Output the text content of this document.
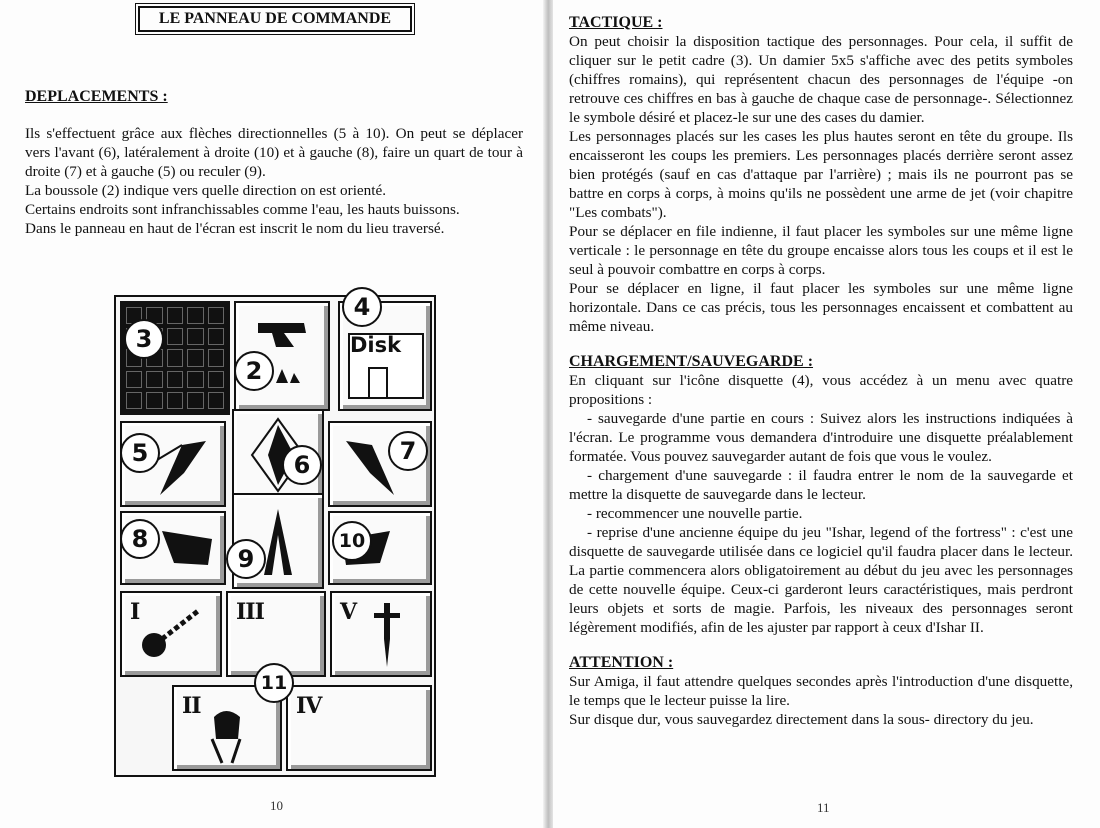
LE PANNEAU DE COMMANDE
DEPLACEMENTS :

Ils s'effectuent grâce aux flèches directionnelles (5 à 10). On peut se déplacer vers l'avant (6), latéralement à droite (10) et à gauche (8), faire un quart de tour à droite (7) et à gauche (5) ou reculer (9).

La boussole (2) indique vers quelle direction on est orienté.

Certains endroits sont infranchissables comme l'eau, les hauts buissons.

Dans le panneau en haut de l'écran est inscrit le nom du lieu traversé.

Disk
I	III	V
II	IV
3
2
4
5	6	7
8
9
10
11
10
TACTIQUE :

On peut choisir la disposition tactique des personnages. Pour cela, il suffit de cliquer sur le petit cadre (3). Un damier 5x5 s'affiche avec des petits symboles (chiffres romains), qui représentent chacun des personnages de l'équipe -on retrouve ces chiffres en bas à gauche de chaque case de personnage-. Sélectionnez le symbole désiré et placez-le sur une des cases du damier.

Les personnages placés sur les cases les plus hautes seront en tête du groupe. Ils encaisseront les coups les premiers. Les personnages placés derrière seront assez bien protégés (sauf en cas d'attaque par l'arrière) ; mais ils ne pourront pas se battre en corps à corps, à moins qu'ils ne possèdent une arme de jet (voir chapitre "Les combats").

Pour se déplacer en file indienne, il faut placer les symboles sur une même ligne verticale : le personnage en tête du groupe encaisse alors tous les coups et il est le seul à pouvoir combattre en corps à corps.

Pour se déplacer en ligne, il faut placer les symboles sur une même ligne horizontale. Dans ce cas précis, tous les personnages encaissent et combattent au même niveau.

CHARGEMENT/SAUVEGARDE :

En cliquant sur l'icône disquette (4), vous accédez à un menu avec quatre propositions :

- sauvegarde d'une partie en cours : Suivez alors les instructions indiquées à l'écran. Le programme vous demandera d'introduire une disquette préalablement formatée. Vous pouvez sauvegarder autant de fois que vous le voulez.

- chargement d'une sauvegarde : il faudra entrer le nom de la sauvegarde et mettre la disquette de sauvegarde dans le lecteur.

- recommencer une nouvelle partie.

- reprise d'une ancienne équipe du jeu "Ishar, legend of the fortress" : c'est une disquette de sauvegarde utilisée dans ce logiciel qu'il faudra placer dans le lecteur. La partie commencera alors obligatoirement au début du jeu avec les personnages de cette nouvelle équipe. Ceux-ci garderont leurs caractéristiques, mais perdront leurs objets et sorts de magie. Parfois, les niveaux des personnages seront légèrement modifiés, afin de les ajuster par rapport à ceux d'Ishar II.

ATTENTION :

Sur Amiga, il faut attendre quelques secondes après l'introduction d'une disquette, le temps que le lecteur puisse la lire.

Sur disque dur, vous sauvegardez directement dans la sous- directory du jeu.

11
